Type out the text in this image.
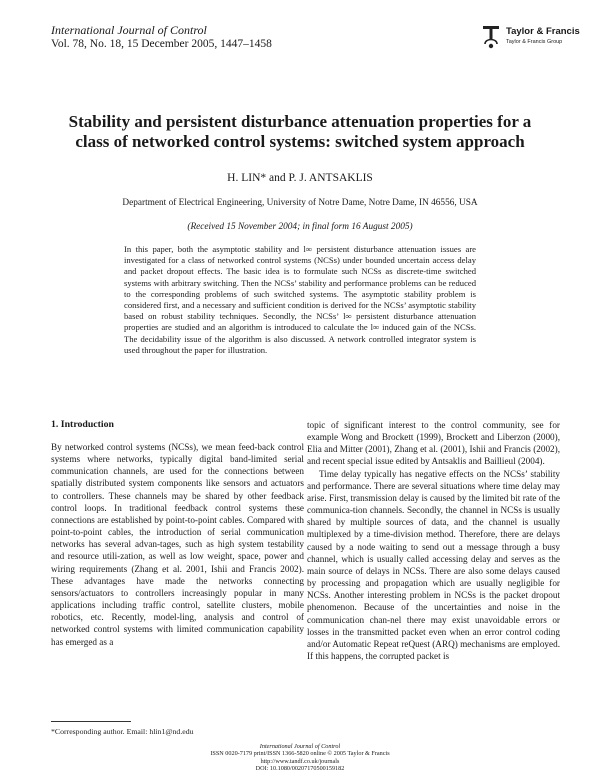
International Journal of Control
Vol. 78, No. 18, 15 December 2005, 1447–1458
Taylor & Francis
Taylor & Francis Group
Stability and persistent disturbance attenuation properties for a
class of networked control systems: switched system approach
H. LIN* and P. J. ANTSAKLIS
Department of Electrical Engineering, University of Notre Dame, Notre Dame, IN 46556, USA
(Received 15 November 2004; in final form 16 August 2005)
In this paper, both the asymptotic stability and l∞ persistent disturbance attenuation issues are investigated for a class of networked control systems (NCSs) under bounded uncertain access delay and packet dropout effects. The basic idea is to formulate such NCSs as discrete-time switched systems with arbitrary switching. Then the NCSs’ stability and performance problems can be reduced to the corresponding problems of such switched systems. The asymptotic stability problem is considered first, and a necessary and sufficient condition is derived for the NCSs’ asymptotic stability based on robust stability techniques. Secondly, the NCSs’ l∞ persistent disturbance attenuation properties are studied and an algorithm is introduced to calculate the l∞ induced gain of the NCSs. The decidability issue of the algorithm is also discussed. A network controlled integrator system is used throughout the paper for illustration.
1. Introduction

By networked control systems (NCSs), we mean feed-back control systems where networks, typically digital band-limited serial communication channels, are used for the connections between spatially distributed system components like sensors and actuators to controllers. These channels may be shared by other feedback control loops. In traditional feedback control systems these connections are established by point-to-point cables. Compared with point-to-point cables, the introduction of serial communication networks has several advan-tages, such as high system testability and resource utili-zation, as well as low weight, space, power and wiring requirements (Zhang et al. 2001, Ishii and Francis 2002). These advantages have made the networks connecting sensors/actuators to controllers increasingly popular in many applications including traffic control, satellite clusters, mobile robotics, etc. Recently, model-ling, analysis and control of networked control systems with limited communication capability has emerged as a

topic of significant interest to the control community, see for example Wong and Brockett (1999), Brockett and Liberzon (2000), Elia and Mitter (2001), Zhang et al. (2001), Ishii and Francis (2002), and recent special issue edited by Antsaklis and Baillieul (2004).

Time delay typically has negative effects on the NCSs’ stability and performance. There are several situations where time delay may arise. First, transmission delay is caused by the limited bit rate of the communica-tion channels. Secondly, the channel in NCSs is usually shared by multiple sources of data, and the channel is usually multiplexed by a time-division method. Therefore, there are delays caused by a node waiting to send out a message through a busy channel, which is usually called accessing delay and serves as the main source of delays in NCSs. There are also some delays caused by processing and propagation which are usually negligible for NCSs. Another interesting problem in NCSs is the packet dropout phenomenon. Because of the uncertainties and noise in the communication chan-nel there may exist unavoidable errors or losses in the transmitted packet even when an error control coding and/or Automatic Repeat reQuest (ARQ) mechanisms are employed. If this happens, the corrupted packet is

*Corresponding author. Email: hlin1@nd.edu
International Journal of Control
ISSN 0020-7179 print/ISSN 1366-5820 online © 2005 Taylor & Francis
http://www.tandf.co.uk/journals
DOI: 10.1080/00207170500159182
